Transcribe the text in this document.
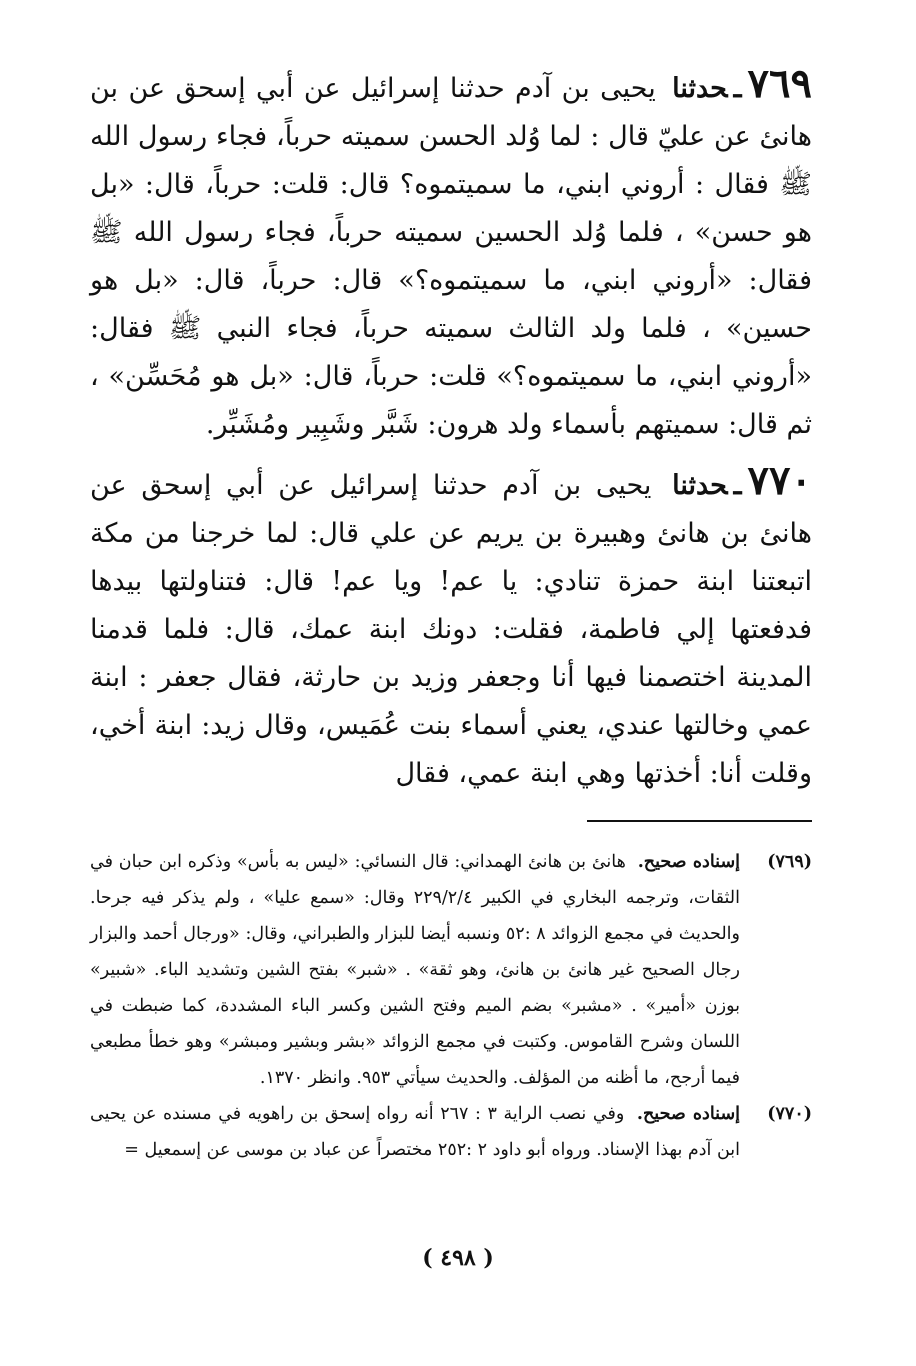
٧٦٩ـحدثنا يحيى بن آدم حدثنا إسرائيل عن أبي إسحق عن بن هانئ عن عليّ قال : لما وُلد الحسن سميته حرباً، فجاء رسول الله ﷺ فقال : أروني ابني، ما سميتموه؟ قال: قلت: حرباً، قال: «بل هو حسن» ، فلما وُلد الحسين سميته حرباً، فجاء رسول الله ﷺ فقال: «أروني ابني، ما سميتموه؟» قال: حرباً، قال: «بل هو حسين» ، فلما ولد الثالث سميته حرباً، فجاء النبي ﷺ فقال: «أروني ابني، ما سميتموه؟» قلت: حرباً، قال: «بل هو مُحَسِّن» ، ثم قال: سميتهم بأسماء ولد هرون: شَبَّر وشَبِير ومُشَبِّر.

٧٧٠ـحدثنا يحيى بن آدم حدثنا إسرائيل عن أبي إسحق عن هانئ بن هانئ وهبيرة بن يريم عن علي قال: لما خرجنا من مكة اتبعتنا ابنة حمزة تنادي: يا عم! ويا عم! قال: فتناولتها بيدها فدفعتها إلي فاطمة، فقلت: دونك ابنة عمك، قال: فلما قدمنا المدينة اختصمنا فيها أنا وجعفر وزيد بن حارثة، فقال جعفر : ابنة عمي وخالتها عندي، يعني أسماء بنت عُمَيس، وقال زيد: ابنة أخي، وقلت أنا: أخذتها وهي ابنة عمي، فقال

(٧٦٩)
إسناده صحيح. هانئ بن هانئ الهمداني: قال النسائي: «ليس به بأس» وذكره ابن حبان في الثقات، وترجمه البخاري في الكبير ٢٢٩/٢/٤ وقال: «سمع عليا» ، ولم يذكر فيه جرحا. والحديث في مجمع الزوائد ٨ :٥٢ ونسبه أيضا للبزار والطبراني، وقال: «ورجال أحمد والبزار رجال الصحيح غير هانئ بن هانئ، وهو ثقة» . «شبر» بفتح الشين وتشديد الباء. «شبير» بوزن «أمير» . «مشبر» بضم الميم وفتح الشين وكسر الباء المشددة، كما ضبطت في اللسان وشرح القاموس. وكتبت في مجمع الزوائد «بشر وبشير ومبشر» وهو خطأ مطبعي فيما أرجح، ما أظنه من المؤلف. والحديث سيأتي ٩٥٣. وانظر ١٣٧٠.

(٧٧٠)
إسناده صحيح. وفي نصب الراية ٣ : ٢٦٧ أنه رواه إسحق بن راهويه في مسنده عن يحيى ابن آدم بهذا الإسناد. ورواه أبو داود ٢ :٢٥٢ مختصراً عن عباد بن موسى عن إسمعيل =

( ٤٩٨ )
